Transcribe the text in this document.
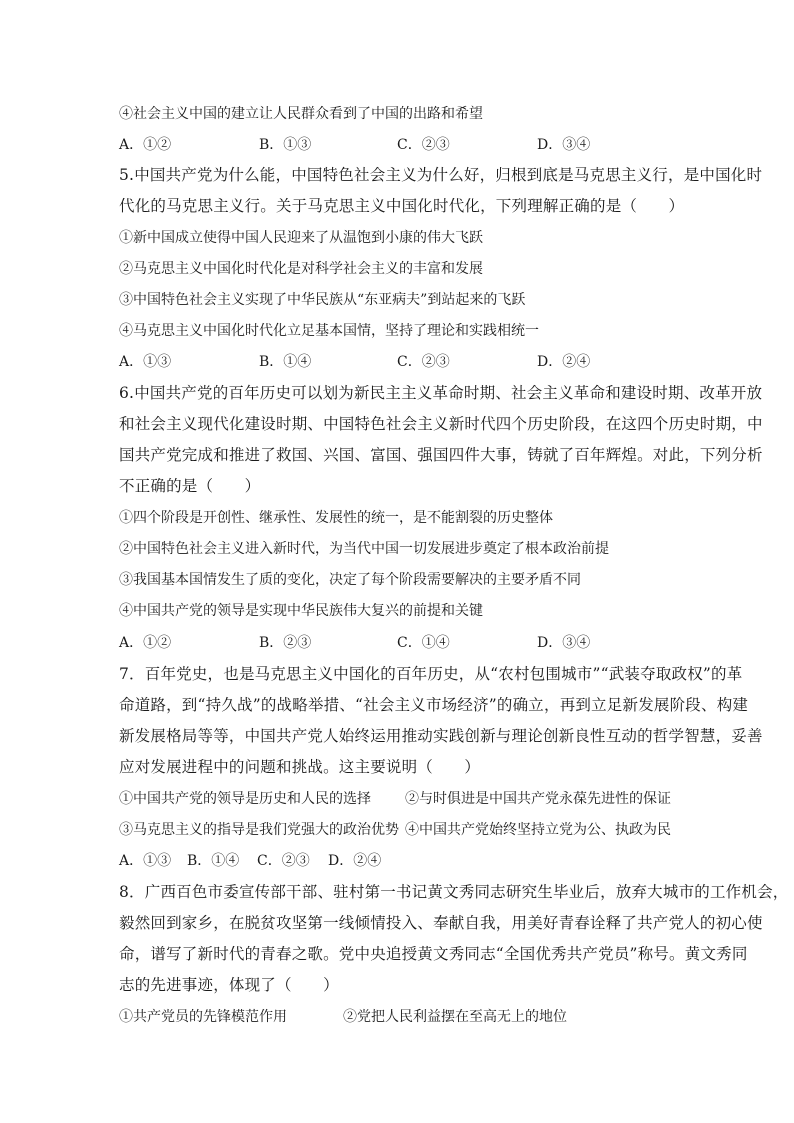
④社会主义中国的建立让人民群众看到了中国的出路和希望
A．①②	B．①③	C．②③	D．③④
5.中国共产党为什么能，中国特色社会主义为什么好，归根到底是马克思主义行，是中国化时
代化的马克思主义行。关于马克思主义中国化时代化，下列理解正确的是（　　）
①新中国成立使得中国人民迎来了从温饱到小康的伟大飞跃
②马克思主义中国化时代化是对科学社会主义的丰富和发展
③中国特色社会主义实现了中华民族从“东亚病夫”到站起来的飞跃
④马克思主义中国化时代化立足基本国情，坚持了理论和实践相统一
A．①③	B．①④	C．②③	D．②④
6.中国共产党的百年历史可以划为新民主主义革命时期、社会主义革命和建设时期、改革开放
和社会主义现代化建设时期、中国特色社会主义新时代四个历史阶段，在这四个历史时期，中
国共产党完成和推进了救国、兴国、富国、强国四件大事，铸就了百年辉煌。对此，下列分析
不正确的是（　　）
①四个阶段是开创性、继承性、发展性的统一，是不能割裂的历史整体
②中国特色社会主义进入新时代，为当代中国一切发展进步奠定了根本政治前提
③我国基本国情发生了质的变化，决定了每个阶段需要解决的主要矛盾不同
④中国共产党的领导是实现中华民族伟大复兴的前提和关键
A．①②	B．②③	C．①④	D．③④
7．百年党史，也是马克思主义中国化的百年历史，从“农村包围城市”“武装夺取政权”的革
命道路，到“持久战”的战略举措、“社会主义市场经济”的确立，再到立足新发展阶段、构建
新发展格局等等，中国共产党人始终运用推动实践创新与理论创新良性互动的哲学智慧，妥善
应对发展进程中的问题和挑战。这主要说明（　　）
①中国共产党的领导是历史和人民的选择 ②与时俱进是中国共产党永葆先进性的保证
③马克思主义的指导是我们党强大的政治优势 ④中国共产党始终坚持立党为公、执政为民
A．①③ B．①④ C．②③ D．②④
8．广西百色市委宣传部干部、驻村第一书记黄文秀同志研究生毕业后，放弃大城市的工作机会，
毅然回到家乡，在脱贫攻坚第一线倾情投入、奉献自我，用美好青春诠释了共产党人的初心使
命，谱写了新时代的青春之歌。党中央追授黄文秀同志“全国优秀共产党员”称号。黄文秀同
志的先进事迹，体现了（　　）
①共产党员的先锋模范作用	②党把人民利益摆在至高无上的地位
